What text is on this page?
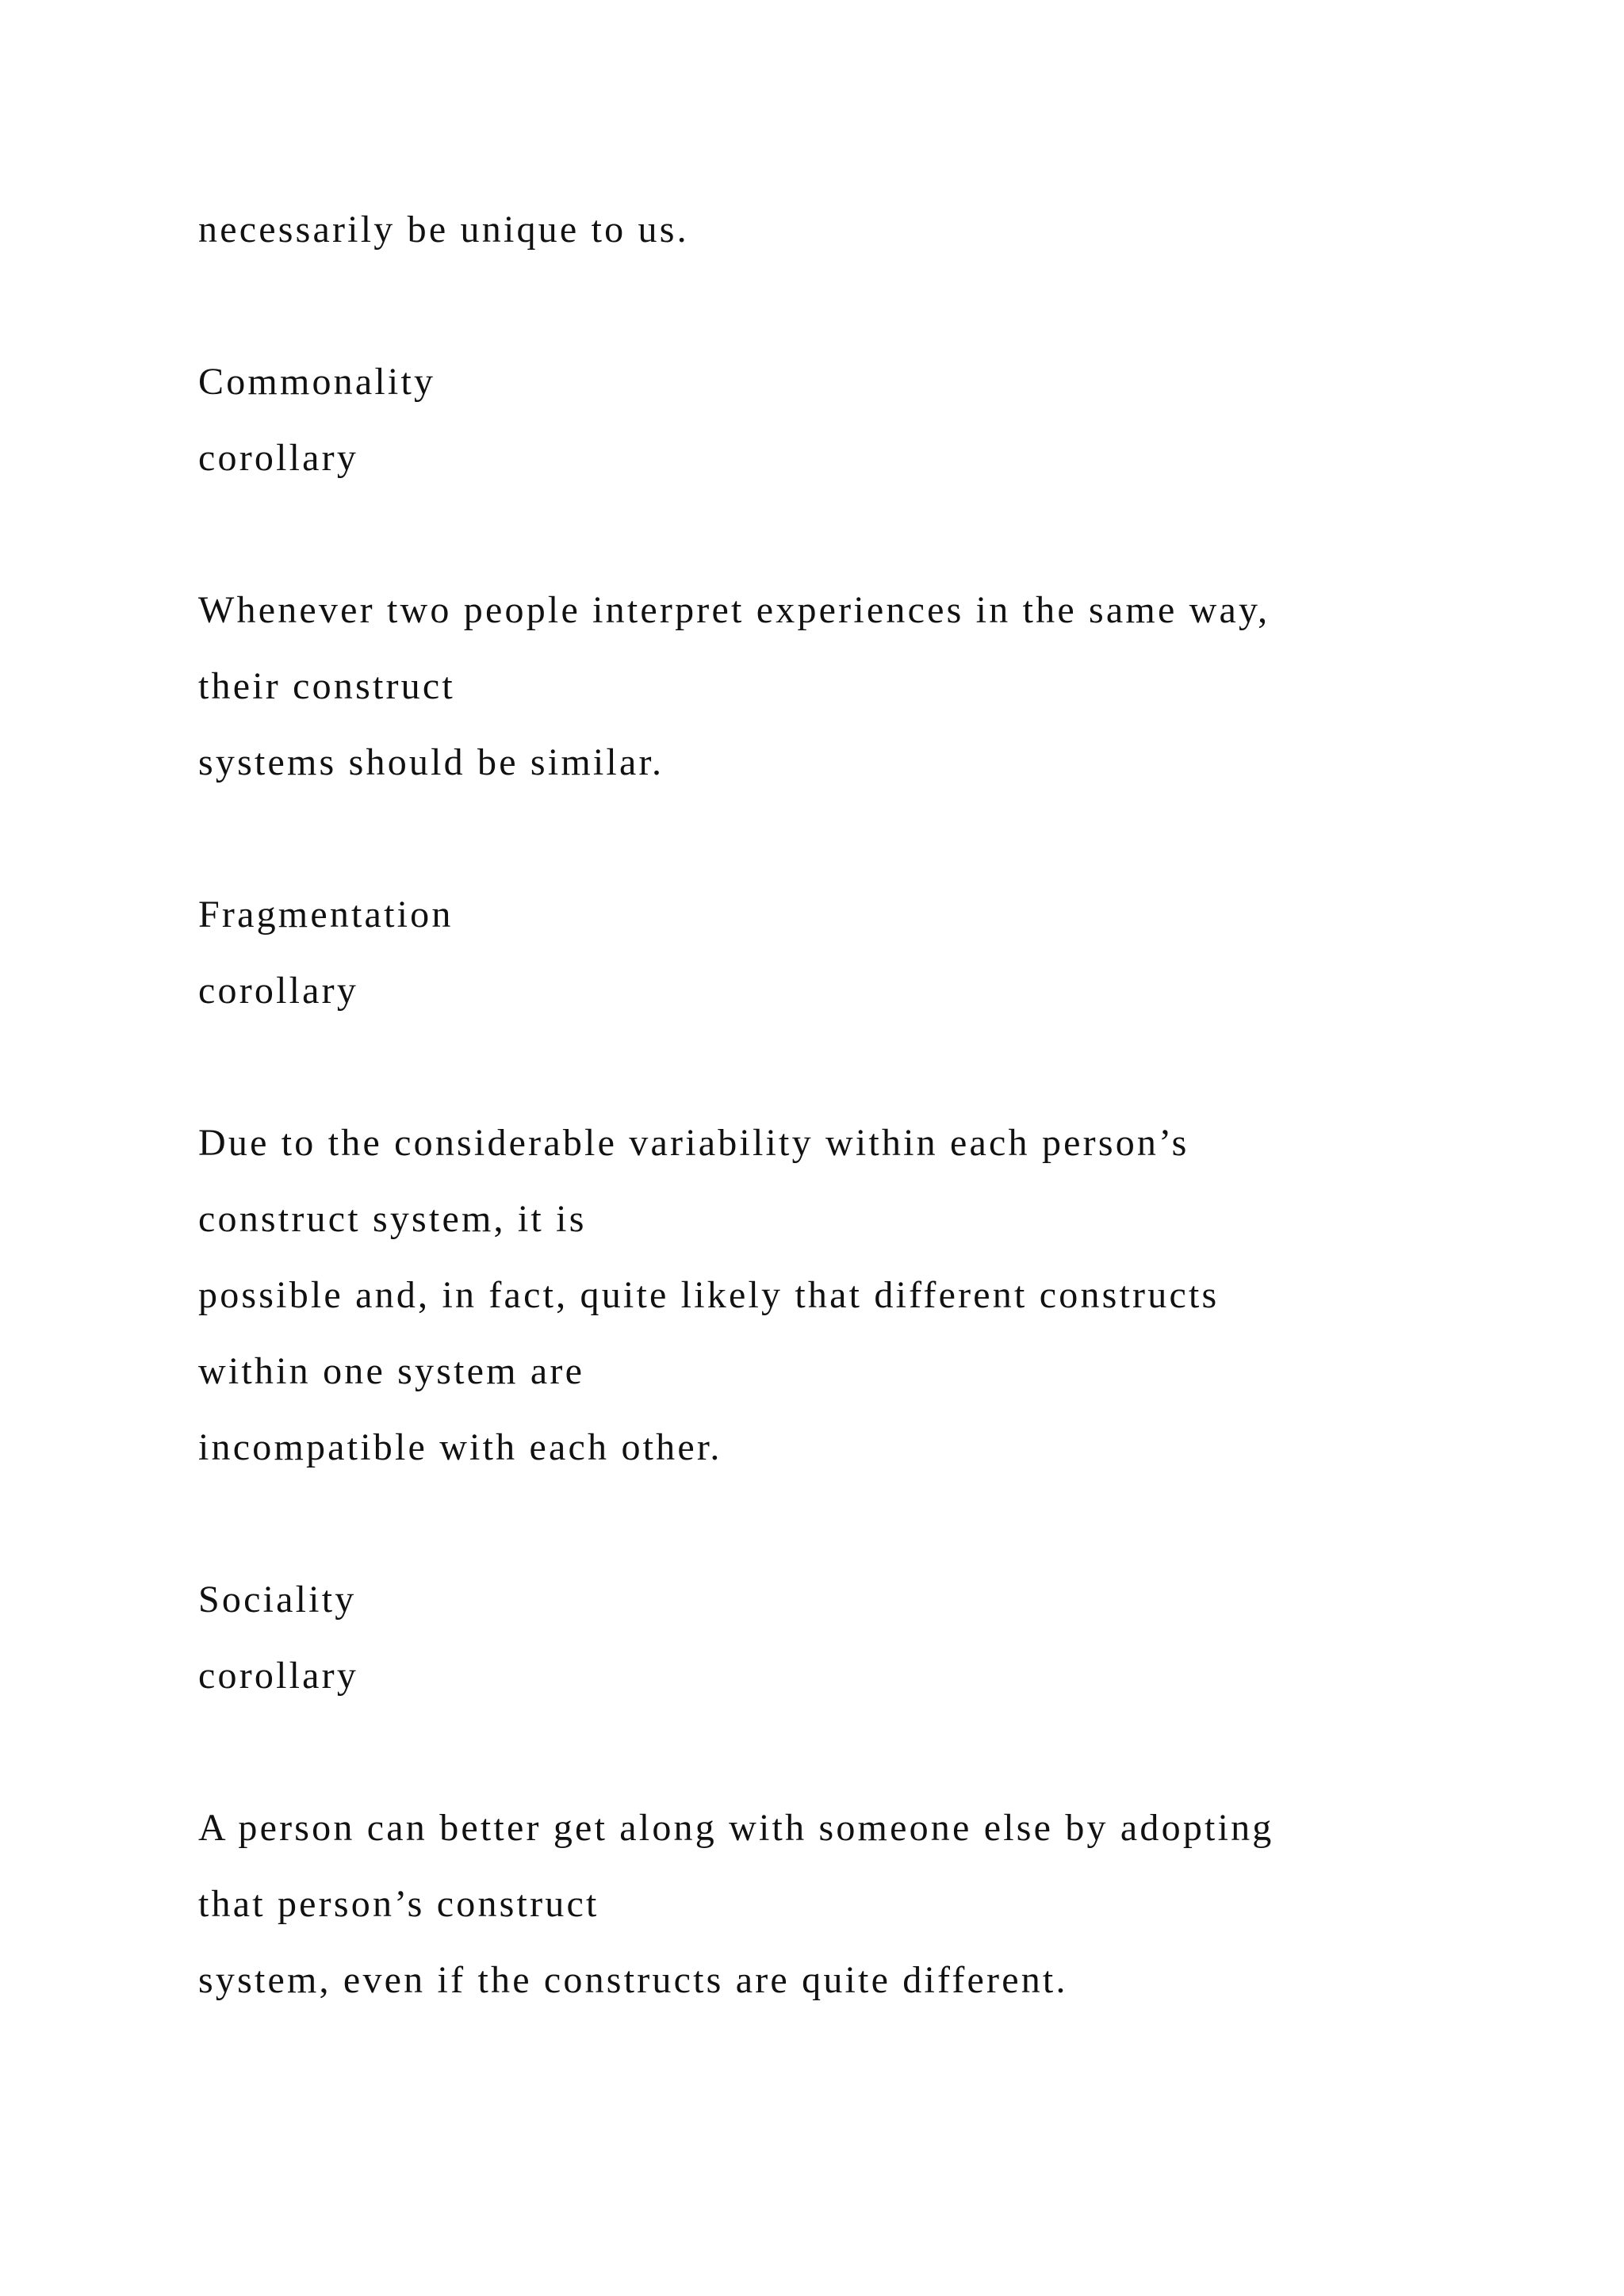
necessarily be unique to us.
Commonality
corollary
Whenever two people interpret experiences in the same way,
their construct
systems should be similar.
Fragmentation
corollary
Due to the considerable variability within each person’s
construct system, it is
possible and, in fact, quite likely that different constructs
within one system are
incompatible with each other.
Sociality
corollary
A person can better get along with someone else by adopting
that person’s construct
system, even if the constructs are quite different.
